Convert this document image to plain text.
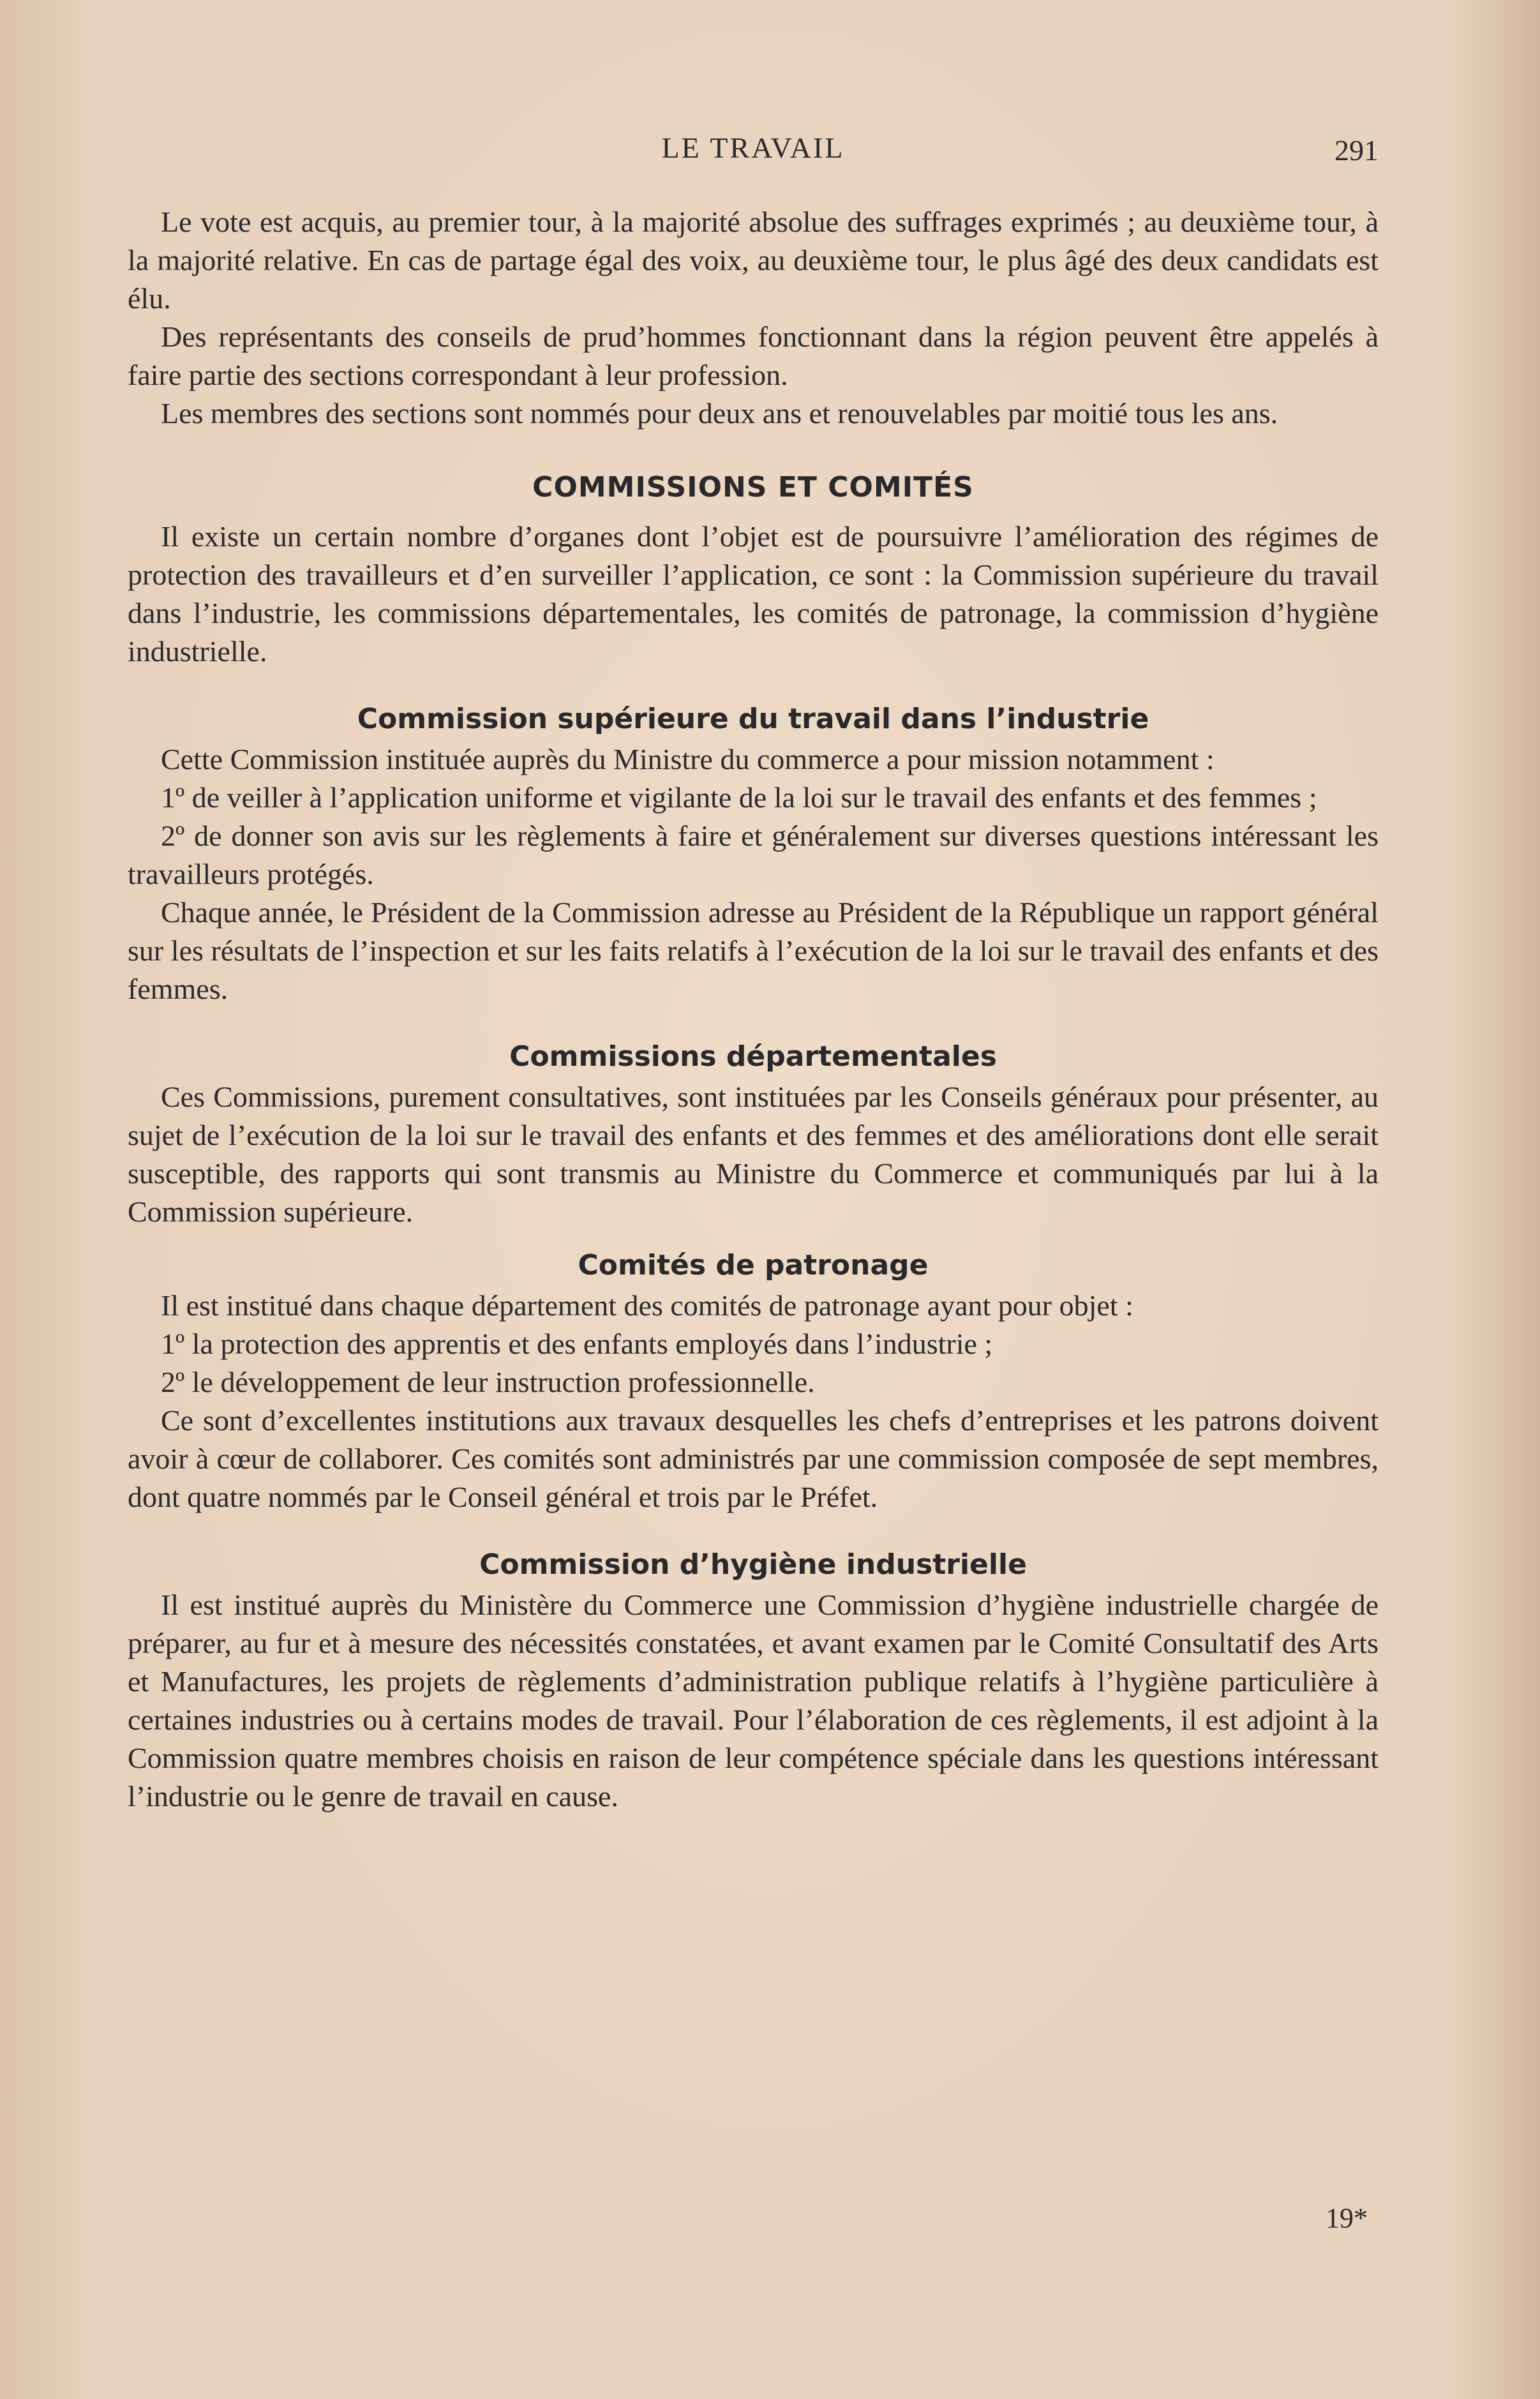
LE TRAVAIL	291

Le vote est acquis, au premier tour, à la majorité absolue des suffrages exprimés ; au deuxième tour, à la majorité relative. En cas de partage égal des voix, au deuxième tour, le plus âgé des deux candidats est élu.

Des représentants des conseils de prud’hommes fonctionnant dans la région peuvent être appelés à faire partie des sections correspondant à leur profession.

Les membres des sections sont nommés pour deux ans et renouvelables par moitié tous les ans.

COMMISSIONS ET COMITÉS

Il existe un certain nombre d’organes dont l’objet est de poursuivre l’amélioration des régimes de protection des travailleurs et d’en surveiller l’application, ce sont : la Commission supérieure du travail dans l’industrie, les commissions départementales, les comités de patronage, la commission d’hygiène industrielle.

Commission supérieure du travail dans l’industrie

Cette Commission instituée auprès du Ministre du commerce a pour mission notamment :

1º de veiller à l’application uniforme et vigilante de la loi sur le travail des enfants et des femmes ;

2º de donner son avis sur les règlements à faire et généralement sur diverses questions intéressant les travailleurs protégés.

Chaque année, le Président de la Commission adresse au Président de la République un rapport général sur les résultats de l’inspection et sur les faits relatifs à l’exécution de la loi sur le travail des enfants et des femmes.

Commissions départementales

Ces Commissions, purement consultatives, sont instituées par les Conseils généraux pour présenter, au sujet de l’exécution de la loi sur le travail des enfants et des femmes et des améliorations dont elle serait susceptible, des rapports qui sont transmis au Ministre du Commerce et communiqués par lui à la Commission supérieure.

Comités de patronage

Il est institué dans chaque département des comités de patronage ayant pour objet :

1º la protection des apprentis et des enfants employés dans l’industrie ;

2º le développement de leur instruction professionnelle.

Ce sont d’excellentes institutions aux travaux desquelles les chefs d’entreprises et les patrons doivent avoir à cœur de collaborer. Ces comités sont administrés par une commission composée de sept membres, dont quatre nommés par le Conseil général et trois par le Préfet.

Commission d’hygiène industrielle

Il est institué auprès du Ministère du Commerce une Commission d’hygiène industrielle chargée de préparer, au fur et à mesure des nécessités constatées, et avant examen par le Comité Consultatif des Arts et Manufactures, les projets de règlements d’administration publique relatifs à l’hygiène particulière à certaines industries ou à certains modes de travail. Pour l’élaboration de ces règlements, il est adjoint à la Commission quatre membres choisis en raison de leur compétence spéciale dans les questions intéressant l’industrie ou le genre de travail en cause.

19*
